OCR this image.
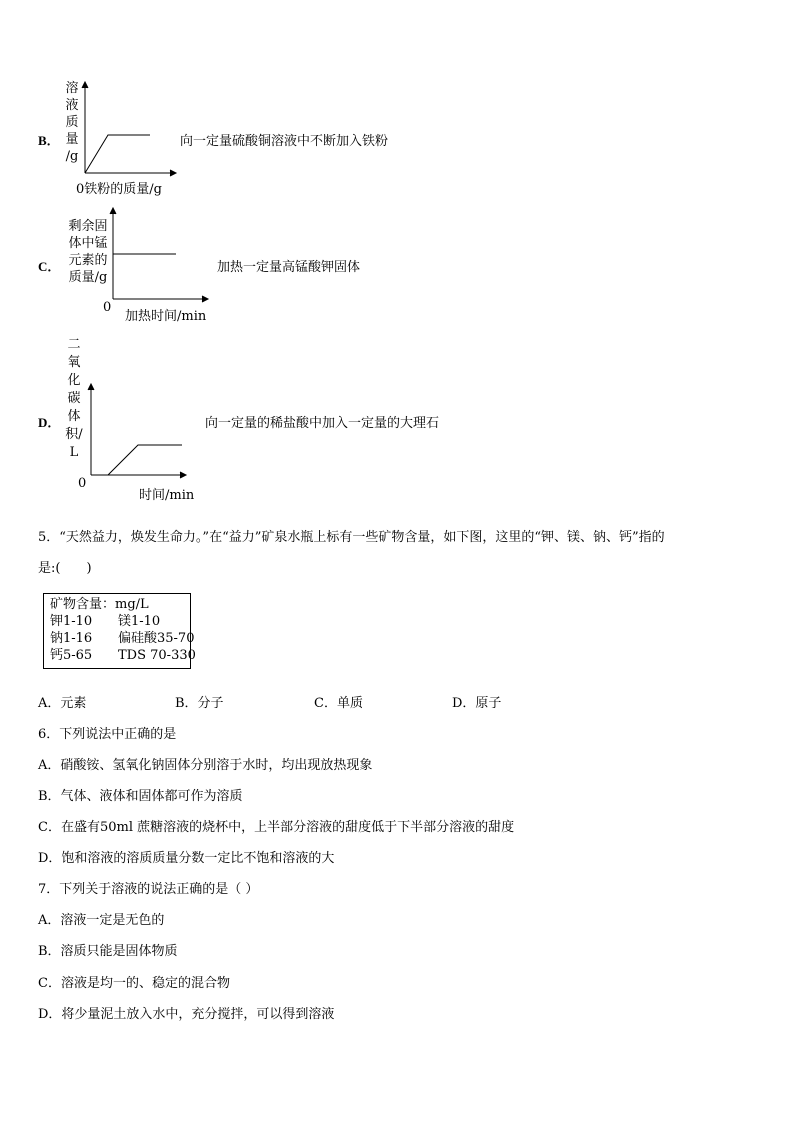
B．
溶
液
质
量
/g
0铁粉的质量/g
向一定量硫酸铜溶液中不断加入铁粉
C．
剩余固
体中锰
元素的
质量/g
0
加热时间/min
加热一定量高锰酸钾固体
D．
二
氧
化
碳
体
积/
L
0
时间/min
向一定量的稀盐酸中加入一定量的大理石
5．“天然益力，焕发生命力。”在“益力”矿泉水瓶上标有一些矿物含量，如下图，这里的“钾、镁、钠、钙”指的
是:(　　)
矿物含量：mg/L
钾1-10 镁1-10
钠1-16 偏硅酸35-70
钙5-65 TDS 70-330
A．元素	B．分子	C．单质	D．原子
6．下列说法中正确的是
A．硝酸铵、氢氧化钠固体分别溶于水时，均出现放热现象
B．气体、液体和固体都可作为溶质
C．在盛有50ml 蔗糖溶液的烧杯中，上半部分溶液的甜度低于下半部分溶液的甜度
D．饱和溶液的溶质质量分数一定比不饱和溶液的大
7．下列关于溶液的说法正确的是（ ）
A．溶液一定是无色的
B．溶质只能是固体物质
C．溶液是均一的、稳定的混合物
D．将少量泥土放入水中，充分搅拌，可以得到溶液
